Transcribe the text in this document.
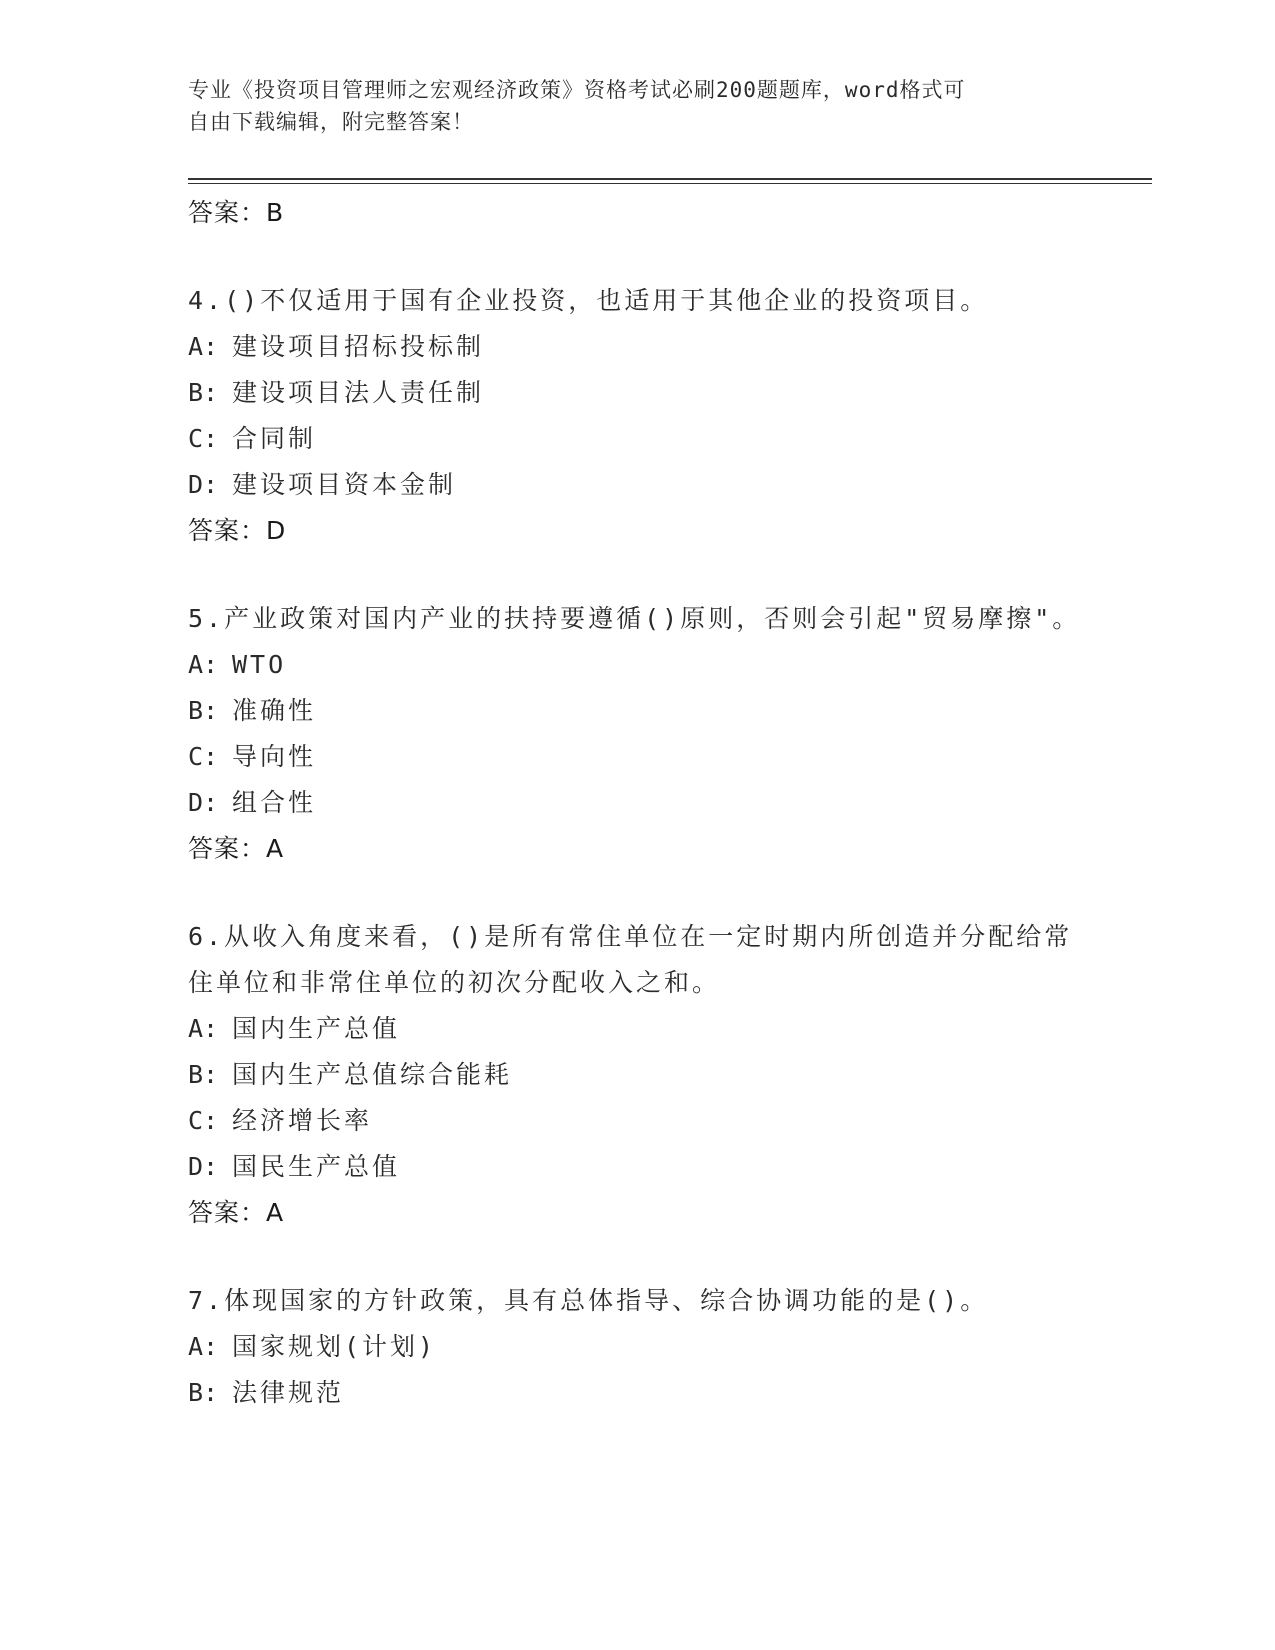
专业《投资项目管理师之宏观经济政策》资格考试必刷200题题库，word格式可
自由下载编辑，附完整答案！
答案：B

4.()不仅适用于国有企业投资，也适用于其他企业的投资项目。

A: 建设项目招标投标制
B: 建设项目法人责任制
C: 合同制
D: 建设项目资本金制
答案：D

5.产业政策对国内产业的扶持要遵循()原则，否则会引起"贸易摩擦"。

A: WTO
B: 准确性
C: 导向性
D: 组合性
答案：A

6.从收入角度来看，()是所有常住单位在一定时期内所创造并分配给常住单位和非常住单位的初次分配收入之和。

A: 国内生产总值
B: 国内生产总值综合能耗
C: 经济增长率
D: 国民生产总值
答案：A

7.体现国家的方针政策，具有总体指导、综合协调功能的是()。

A: 国家规划(计划)
B: 法律规范
